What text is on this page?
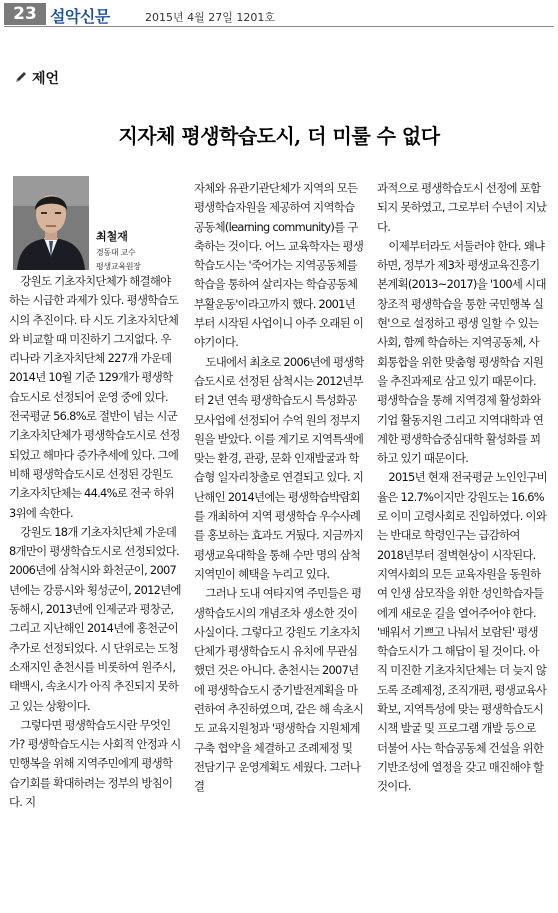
23 설악신문	2015년 4월 27일 1201호
제언
지자체 평생학습도시, 더 미룰 수 없다
최철재
경동대 교수
평생교육원장

강원도 기초자치단체가 해결해야 하는 시급한 과제가 있다. 평생학습도시의 추진이다. 타 시도 기초자치단체와 비교할 때 미진하기 그지없다. 우리나라 기초자치단체 227개 가운데 2014년 10월 기준 129개가 평생학습도시로 선정되어 운영 중에 있다. 전국평균 56.8%로 절반이 넘는 시군 기초자치단체가 평생학습도시로 선정되었고 해마다 증가추세에 있다. 그에 비해 평생학습도시로 선정된 강원도 기초자치단체는 44.4%로 전국 하위 3위에 속한다.

강원도 18개 기초자치단체 가운데 8개만이 평생학습도시로 선정되었다. 2006년에 삼척시와 화천군이, 2007년에는 강릉시와 횡성군이, 2012년에 동해시, 2013년에 인제군과 평창군, 그리고 지난해인 2014년에 홍천군이 추가로 선정되었다. 시 단위로는 도청소재지인 춘천시를 비롯하여 원주시, 태백시, 속초시가 아직 추진되지 못하고 있는 상황이다.

그렇다면 평생학습도시란 무엇인가? 평생학습도시는 사회적 안정과 시민행복을 위해 지역주민에게 평생학습기회를 확대하려는 정부의 방침이다. 지

자체와 유관기관단체가 지역의 모든 평생학습자원을 제공하여 지역학습 공동체(learning community)를 구축하는 것이다. 어느 교육학자는 평생학습도시는 '죽어가는 지역공동체를 학습을 통하여 살리자는 학습공동체 부활운동'이라고까지 했다. 2001년부터 시작된 사업이니 아주 오래된 이야기이다.

도내에서 최초로 2006년에 평생학습도시로 선정된 삼척시는 2012년부터 2년 연속 평생학습도시 특성화공모사업에 선정되어 수억 원의 정부지원을 받았다. 이를 계기로 지역특색에 맞는 환경, 관광, 문화 인재발굴과 학습형 일자리창출로 연결되고 있다. 지난해인 2014년에는 평생학습박람회를 개최하여 지역 평생학습 우수사례를 홍보하는 효과도 거뒀다. 지금까지 평생교육대학을 통해 수만 명의 삼척지역민이 혜택을 누리고 있다.

그러나 도내 여타지역 주민들은 평생학습도시의 개념조차 생소한 것이 사실이다. 그렇다고 강원도 기초자치단체가 평생학습도시 유치에 무관심했던 것은 아니다. 춘천시는 2007년에 평생학습도시 중기발전계획을 마련하여 추진하였으며, 같은 해 속초시도 교육지원청과 '평생학습 지원체계구축 협약'을 체결하고 조례제정 및 전담기구 운영계획도 세웠다. 그러나 결

과적으로 평생학습도시 선정에 포함되지 못하였고, 그로부터 수년이 지났다.

이제부터라도 서둘러야 한다. 왜냐하면, 정부가 제3차 평생교육진흥기본계획(2013~2017)을 '100세 시대 창조적 평생학습을 통한 국민행복 실현'으로 설정하고 평생 일할 수 있는 사회, 함께 학습하는 지역공동체, 사회통합을 위한 맞춤형 평생학습 지원을 추진과제로 삼고 있기 때문이다. 평생학습을 통해 지역경제 활성화와 기업 활동지원 그리고 지역대학과 연계한 평생학습중심대학 활성화를 꾀하고 있기 때문이다.

2015년 현재 전국평균 노인인구비율은 12.7%이지만 강원도는 16.6%로 이미 고령사회로 진입하였다. 이와는 반대로 학령인구는 급감하여 2018년부터 절벽현상이 시작된다. 지역사회의 모든 교육자원을 동원하여 인생 삼모작을 위한 성인학습자들에게 새로운 길을 열어주어야 한다. '배워서 기쁘고 나눠서 보람된' 평생학습도시가 그 해답이 될 것이다. 아직 미진한 기초자치단체는 더 늦지 않도록 조례제정, 조직개편, 평생교육사 확보, 지역특성에 맞는 평생학습도시 시책 발굴 및 프로그램 개발 등으로 더불어 사는 학습공동체 건설을 위한 기반조성에 열정을 갖고 매진해야 할 것이다.
